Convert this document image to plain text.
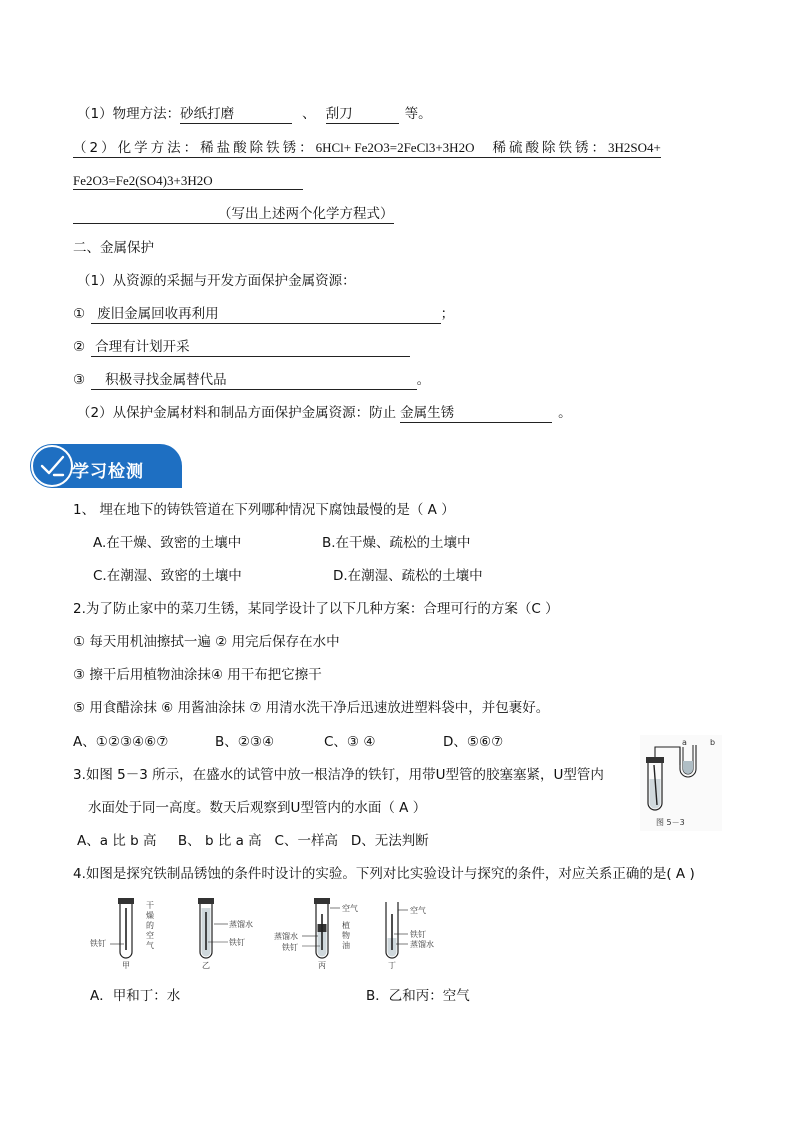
（1）物理方法：砂纸打磨	、 刮刀	等。
（2）化学方法：稀盐酸除铁锈：6HCl+ Fe2O3=2FeCl3+3H2O 稀硫酸除铁锈：3H2SO4+
Fe2O3=Fe2(SO4)3+3H2O
（写出上述两个化学方程式）
二、金属保护
（1）从资源的采掘与开发方面保护金属资源：
① 废旧金属回收再利用	；
② 合理有计划开采
③ 积极寻找金属替代品	。
（2）从保护金属材料和制品方面保护金属资源：防止 金属生锈	。
学习检测
1、 埋在地下的铸铁管道在下列哪种情况下腐蚀最慢的是（ A ）
A.在干燥、致密的土壤中	B.在干燥、疏松的土壤中
C.在潮湿、致密的土壤中	D.在潮湿、疏松的土壤中
2.为了防止家中的菜刀生锈，某同学设计了以下几种方案：合理可行的方案（C ）
① 每天用机油擦拭一遍 ② 用完后保存在水中
③ 擦干后用植物油涂抹④ 用干布把它擦干
⑤ 用食醋涂抹 ⑥ 用酱油涂抹 ⑦ 用清水洗干净后迅速放进塑料袋中，并包裹好。
A、①②③④⑥⑦	B、②③④	C、③ ④	D、⑤⑥⑦
3.如图 5－3 所示，在盛水的试管中放一根洁净的铁钉，用带U型管的胶塞塞紧，U型管内
水面处于同一高度。数天后观察到U型管内的水面（ A ）
A、a 比 b 高     B、 b 比 a 高   C、一样高   D、无法判断
a	b
图 5－3
4.如图是探究铁制品锈蚀的条件时设计的实验。下列对比实验设计与探究的条件，对应关系正确的是( A )
铁钉
干
燥
的
空
气
甲
蒸馏水
铁钉
乙
空气
植
物
油
蒸馏水
铁钉
丙
空气
铁钉
蒸馏水
丁
A．甲和丁：水	B．乙和丙：空气
